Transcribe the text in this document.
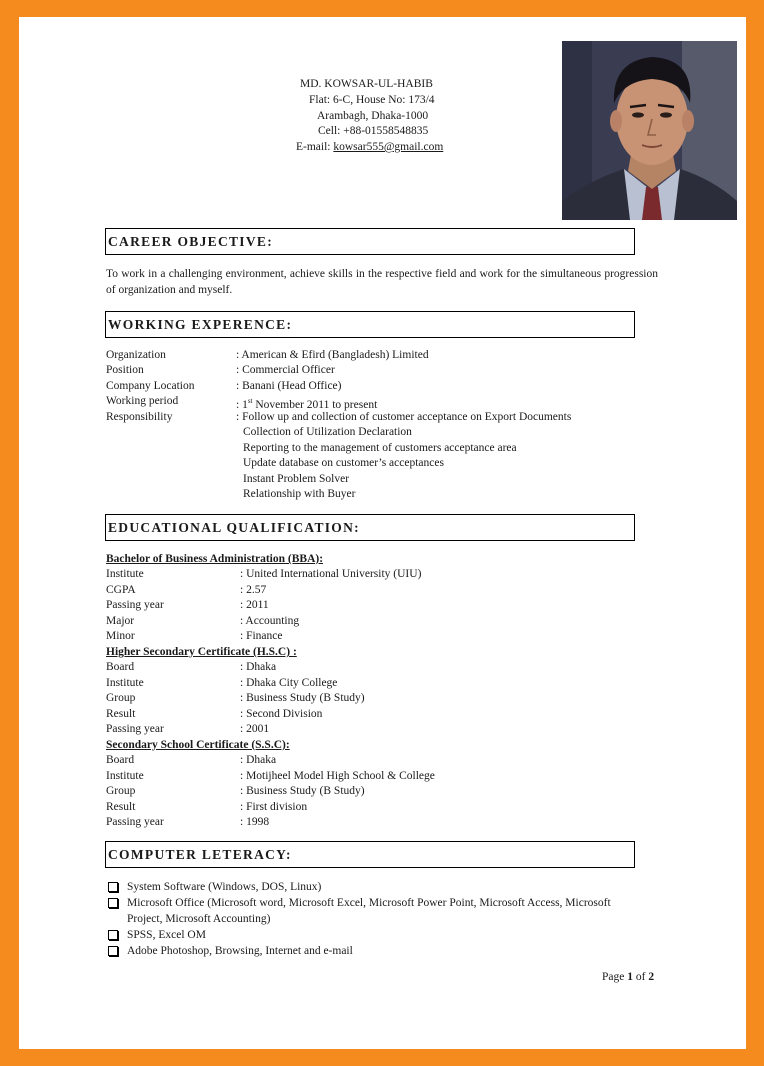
MD. KOWSAR-UL-HABIB
Flat: 6-C, House No: 173/4
Arambagh, Dhaka-1000
Cell: +88-01558548835
E-mail: kowsar555@gmail.com
CAREER OBJECTIVE:
To work in a challenging environment, achieve skills in the respective field and work for the simultaneous progression of organization and myself.
WORKING EXPERENCE:
Organization	: American & Efird (Bangladesh) Limited
Position	: Commercial Officer
Company Location	: Banani (Head Office)
Working period	: 1st November 2011 to present
Responsibility	: Follow up and collection of customer acceptance on Export Documents
Collection of Utilization Declaration
Reporting to the management of customers acceptance area
Update database on customer’s acceptances
Instant Problem Solver
Relationship with Buyer
EDUCATIONAL QUALIFICATION:
Bachelor of Business Administration (BBA):
Institute	: United International University (UIU)
CGPA	: 2.57
Passing year	: 2011
Major	: Accounting
Minor	: Finance
Higher Secondary Certificate (H.S.C) :
Board	: Dhaka
Institute	: Dhaka City College
Group	: Business Study (B Study)
Result	: Second Division
Passing year	: 2001
Secondary School Certificate (S.S.C):
Board	: Dhaka
Institute	: Motijheel Model High School & College
Group	: Business Study (B Study)
Result	: First division
Passing year	: 1998
COMPUTER LETERACY:
System Software (Windows, DOS, Linux)
Microsoft Office (Microsoft word, Microsoft Excel, Microsoft Power Point, Microsoft Access, Microsoft Project, Microsoft Accounting)
SPSS, Excel OM
Adobe Photoshop, Browsing, Internet and e-mail
Page 1 of 2
